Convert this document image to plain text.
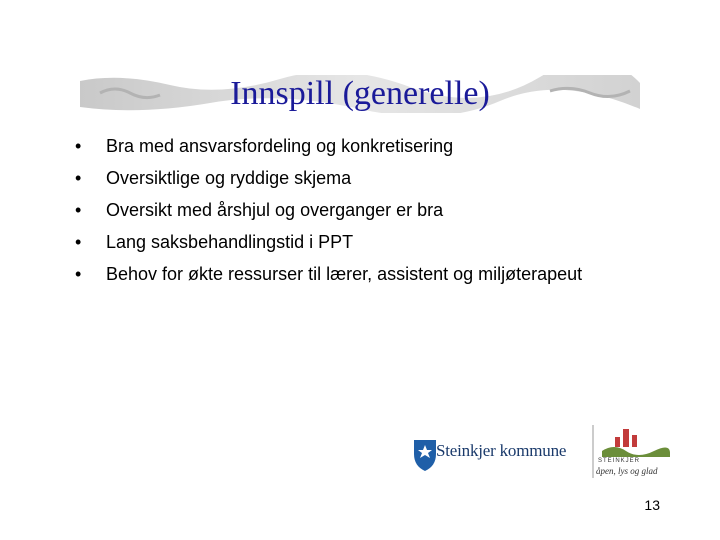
Innspill (generelle)
• Bra med ansvarsfordeling og konkretisering
• Oversiktlige og ryddige skjema
• Oversikt med årshjul og overganger er bra
• Lang saksbehandlingstid i PPT
• Behov for økte ressurser til lærer, assistent og miljøterapeut
STEINKJER
åpen, lys og glad
Steinkjer kommune
13
